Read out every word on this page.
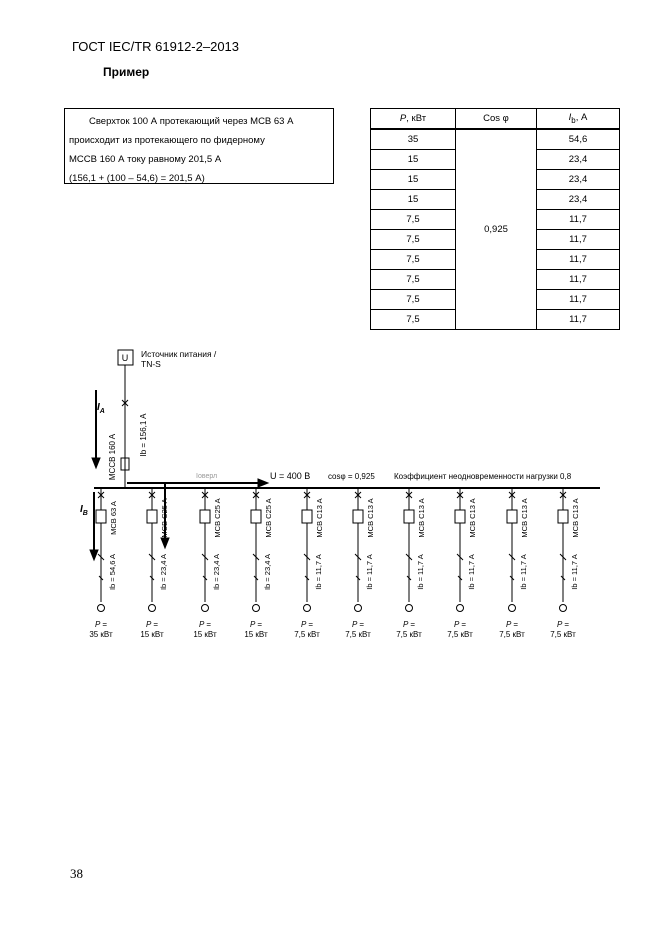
ГОСТ IEC/TR 61912-2–2013
Пример
Сверхток 100 А протекающий через МСВ 63 А
происходит из протекающего по фидерному
МССВ 160 А току равному 201,5 А
(156,1 + (100 – 54,6) = 201,5 А)
Р, кВт	Cos φ	$I_b$, А
35	0,925	54,6
15		23,4
15		23,4
15		23,4
7,5		11,7
7,5		11,7
7,5		11,7
7,5		11,7
7,5		11,7
7,5		11,7
U Источник питания /
TN-S
$I_A$
$I_B$
Ib = 156,1 A
MCCB 160 A	Iоверл	U = 400 В cosφ = 0,925 Коэффициент неодновременности нагрузки 0,8
MCB 63 A
Ib = 54,6 A
P =
35 кВт
MCB C25 A
Ib = 23,4 A
P =
15 кВт
MCB C25 A
Ib = 23,4 A
P =
15 кВт
MCB C25 A
Ib = 23,4 A
P =
15 кВт
MCB C13 A
Ib = 11,7 A
P =
7,5 кВт
MCB C13 A
Ib = 11,7 A
P =
7,5 кВт
MCB C13 A
Ib = 11,7 A
P =
7,5 кВт
MCB C13 A
Ib = 11,7 A
P =
7,5 кВт
MCB C13 A
Ib = 11,7 A
P =
7,5 кВт
MCB C13 A
Ib = 11,7 A
P =
7,5 кВт
38
